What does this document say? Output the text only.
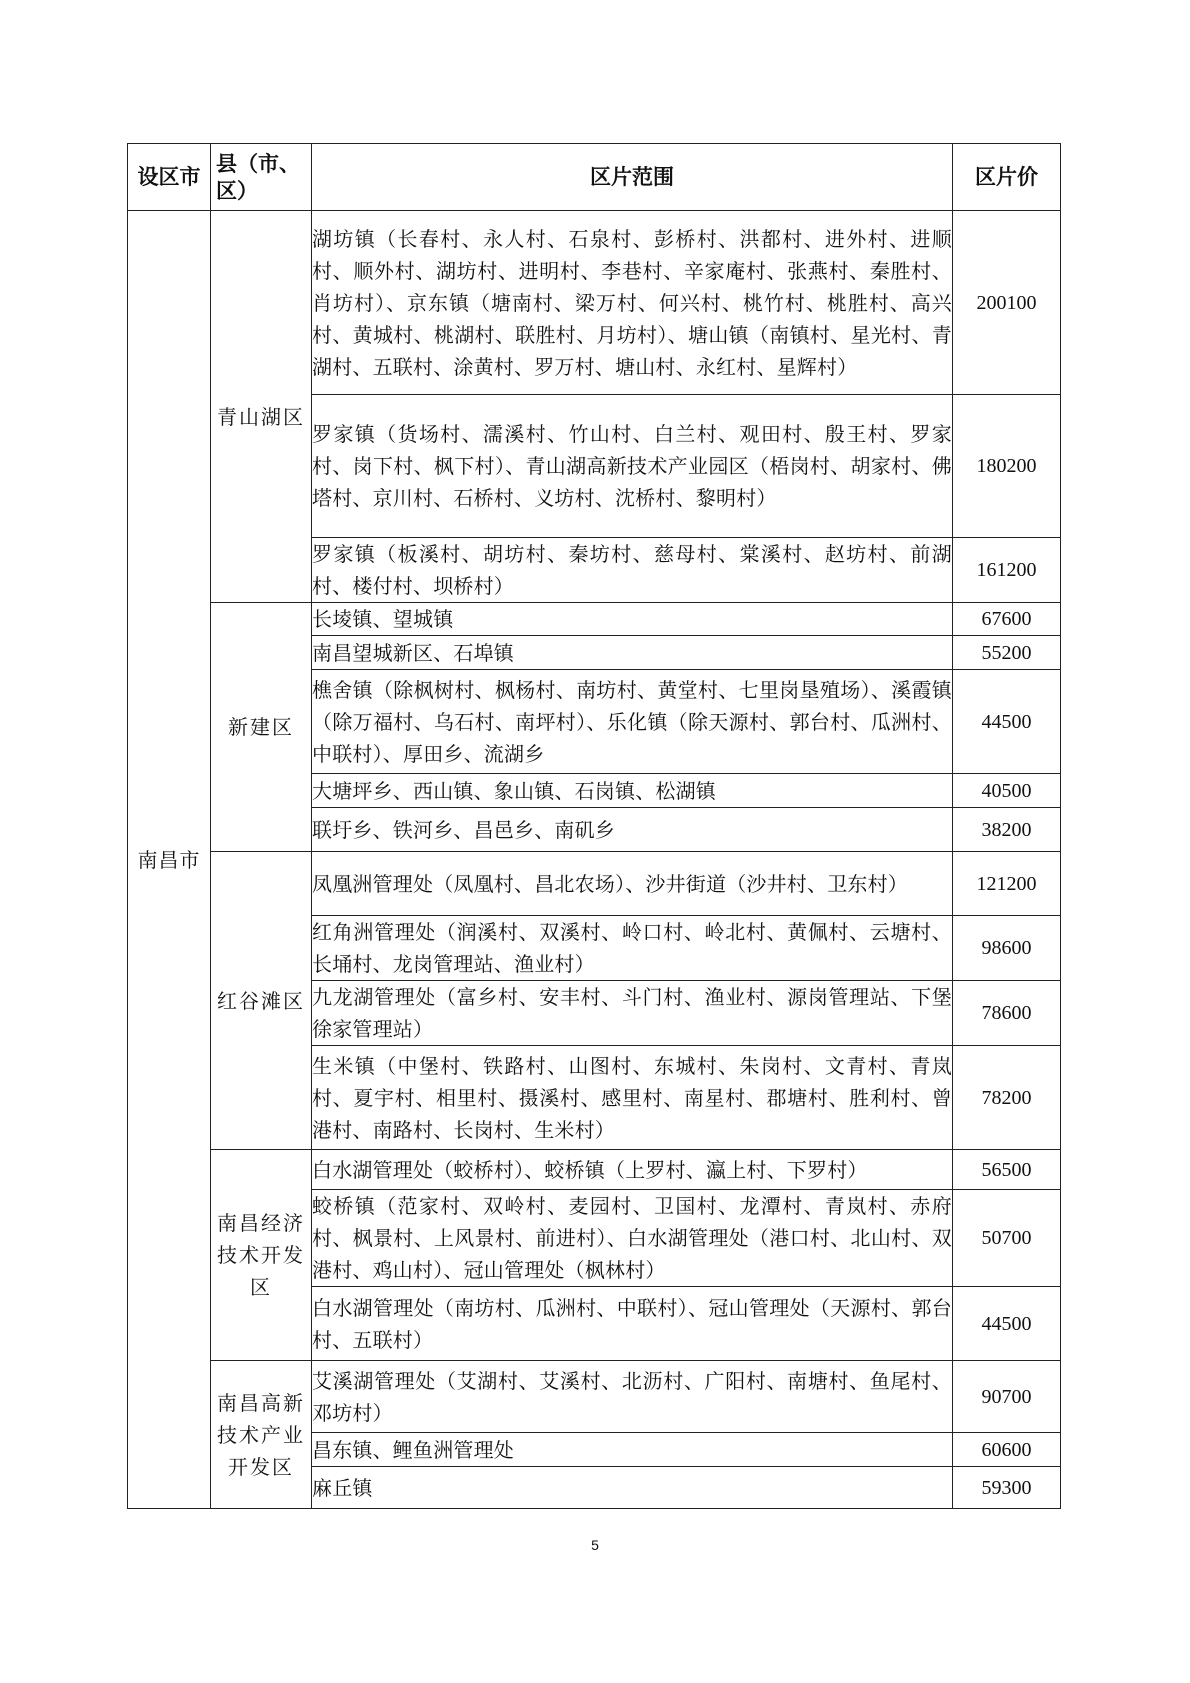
设区市	县（市、区）	区片范围	区片价
南昌市	青山湖区	湖坊镇（长春村、永人村、石泉村、彭桥村、洪都村、进外村、进顺村、顺外村、湖坊村、进明村、李巷村、辛家庵村、张燕村、秦胜村、肖坊村）、京东镇（塘南村、梁万村、何兴村、桃竹村、桃胜村、高兴村、黄城村、桃湖村、联胜村、月坊村）、塘山镇（南镇村、星光村、青湖村、五联村、涂黄村、罗万村、塘山村、永红村、星辉村）	200100
		罗家镇（货场村、濡溪村、竹山村、白兰村、观田村、殷王村、罗家村、岗下村、枫下村）、青山湖高新技术产业园区（梧岗村、胡家村、佛塔村、京川村、石桥村、义坊村、沈桥村、黎明村）	180200
		罗家镇（板溪村、胡坊村、秦坊村、慈母村、棠溪村、赵坊村、前湖村、楼付村、坝桥村）	161200
	新建区	长堎镇、望城镇	67600
		南昌望城新区、石埠镇	55200
		樵舍镇（除枫树村、枫杨村、南坊村、黄堂村、七里岗垦殖场）、溪霞镇（除万福村、乌石村、南坪村）、乐化镇（除天源村、郭台村、瓜洲村、中联村）、厚田乡、流湖乡	44500
		大塘坪乡、西山镇、象山镇、石岗镇、松湖镇	40500
		联圩乡、铁河乡、昌邑乡、南矶乡	38200
	红谷滩区	凤凰洲管理处（凤凰村、昌北农场）、沙井街道（沙井村、卫东村）	121200
		红角洲管理处（润溪村、双溪村、岭口村、岭北村、黄佩村、云塘村、长埇村、龙岗管理站、渔业村）	98600
		九龙湖管理处（富乡村、安丰村、斗门村、渔业村、源岗管理站、下堡徐家管理站）	78600
		生米镇（中堡村、铁路村、山图村、东城村、朱岗村、文青村、青岚村、夏宇村、相里村、摄溪村、感里村、南星村、郡塘村、胜利村、曾港村、南路村、长岗村、生米村）	78200
	南昌经济技术开发区	白水湖管理处（蛟桥村）、蛟桥镇（上罗村、瀛上村、下罗村）	56500
		蛟桥镇（范家村、双岭村、麦园村、卫国村、龙潭村、青岚村、赤府村、枫景村、上风景村、前进村）、白水湖管理处（港口村、北山村、双港村、鸡山村）、冠山管理处（枫林村）	50700
		白水湖管理处（南坊村、瓜洲村、中联村）、冠山管理处（天源村、郭台村、五联村）	44500
	南昌高新技术产业开发区	艾溪湖管理处（艾湖村、艾溪村、北沥村、广阳村、南塘村、鱼尾村、邓坊村）	90700
		昌东镇、鲤鱼洲管理处	60600
		麻丘镇	59300
5
